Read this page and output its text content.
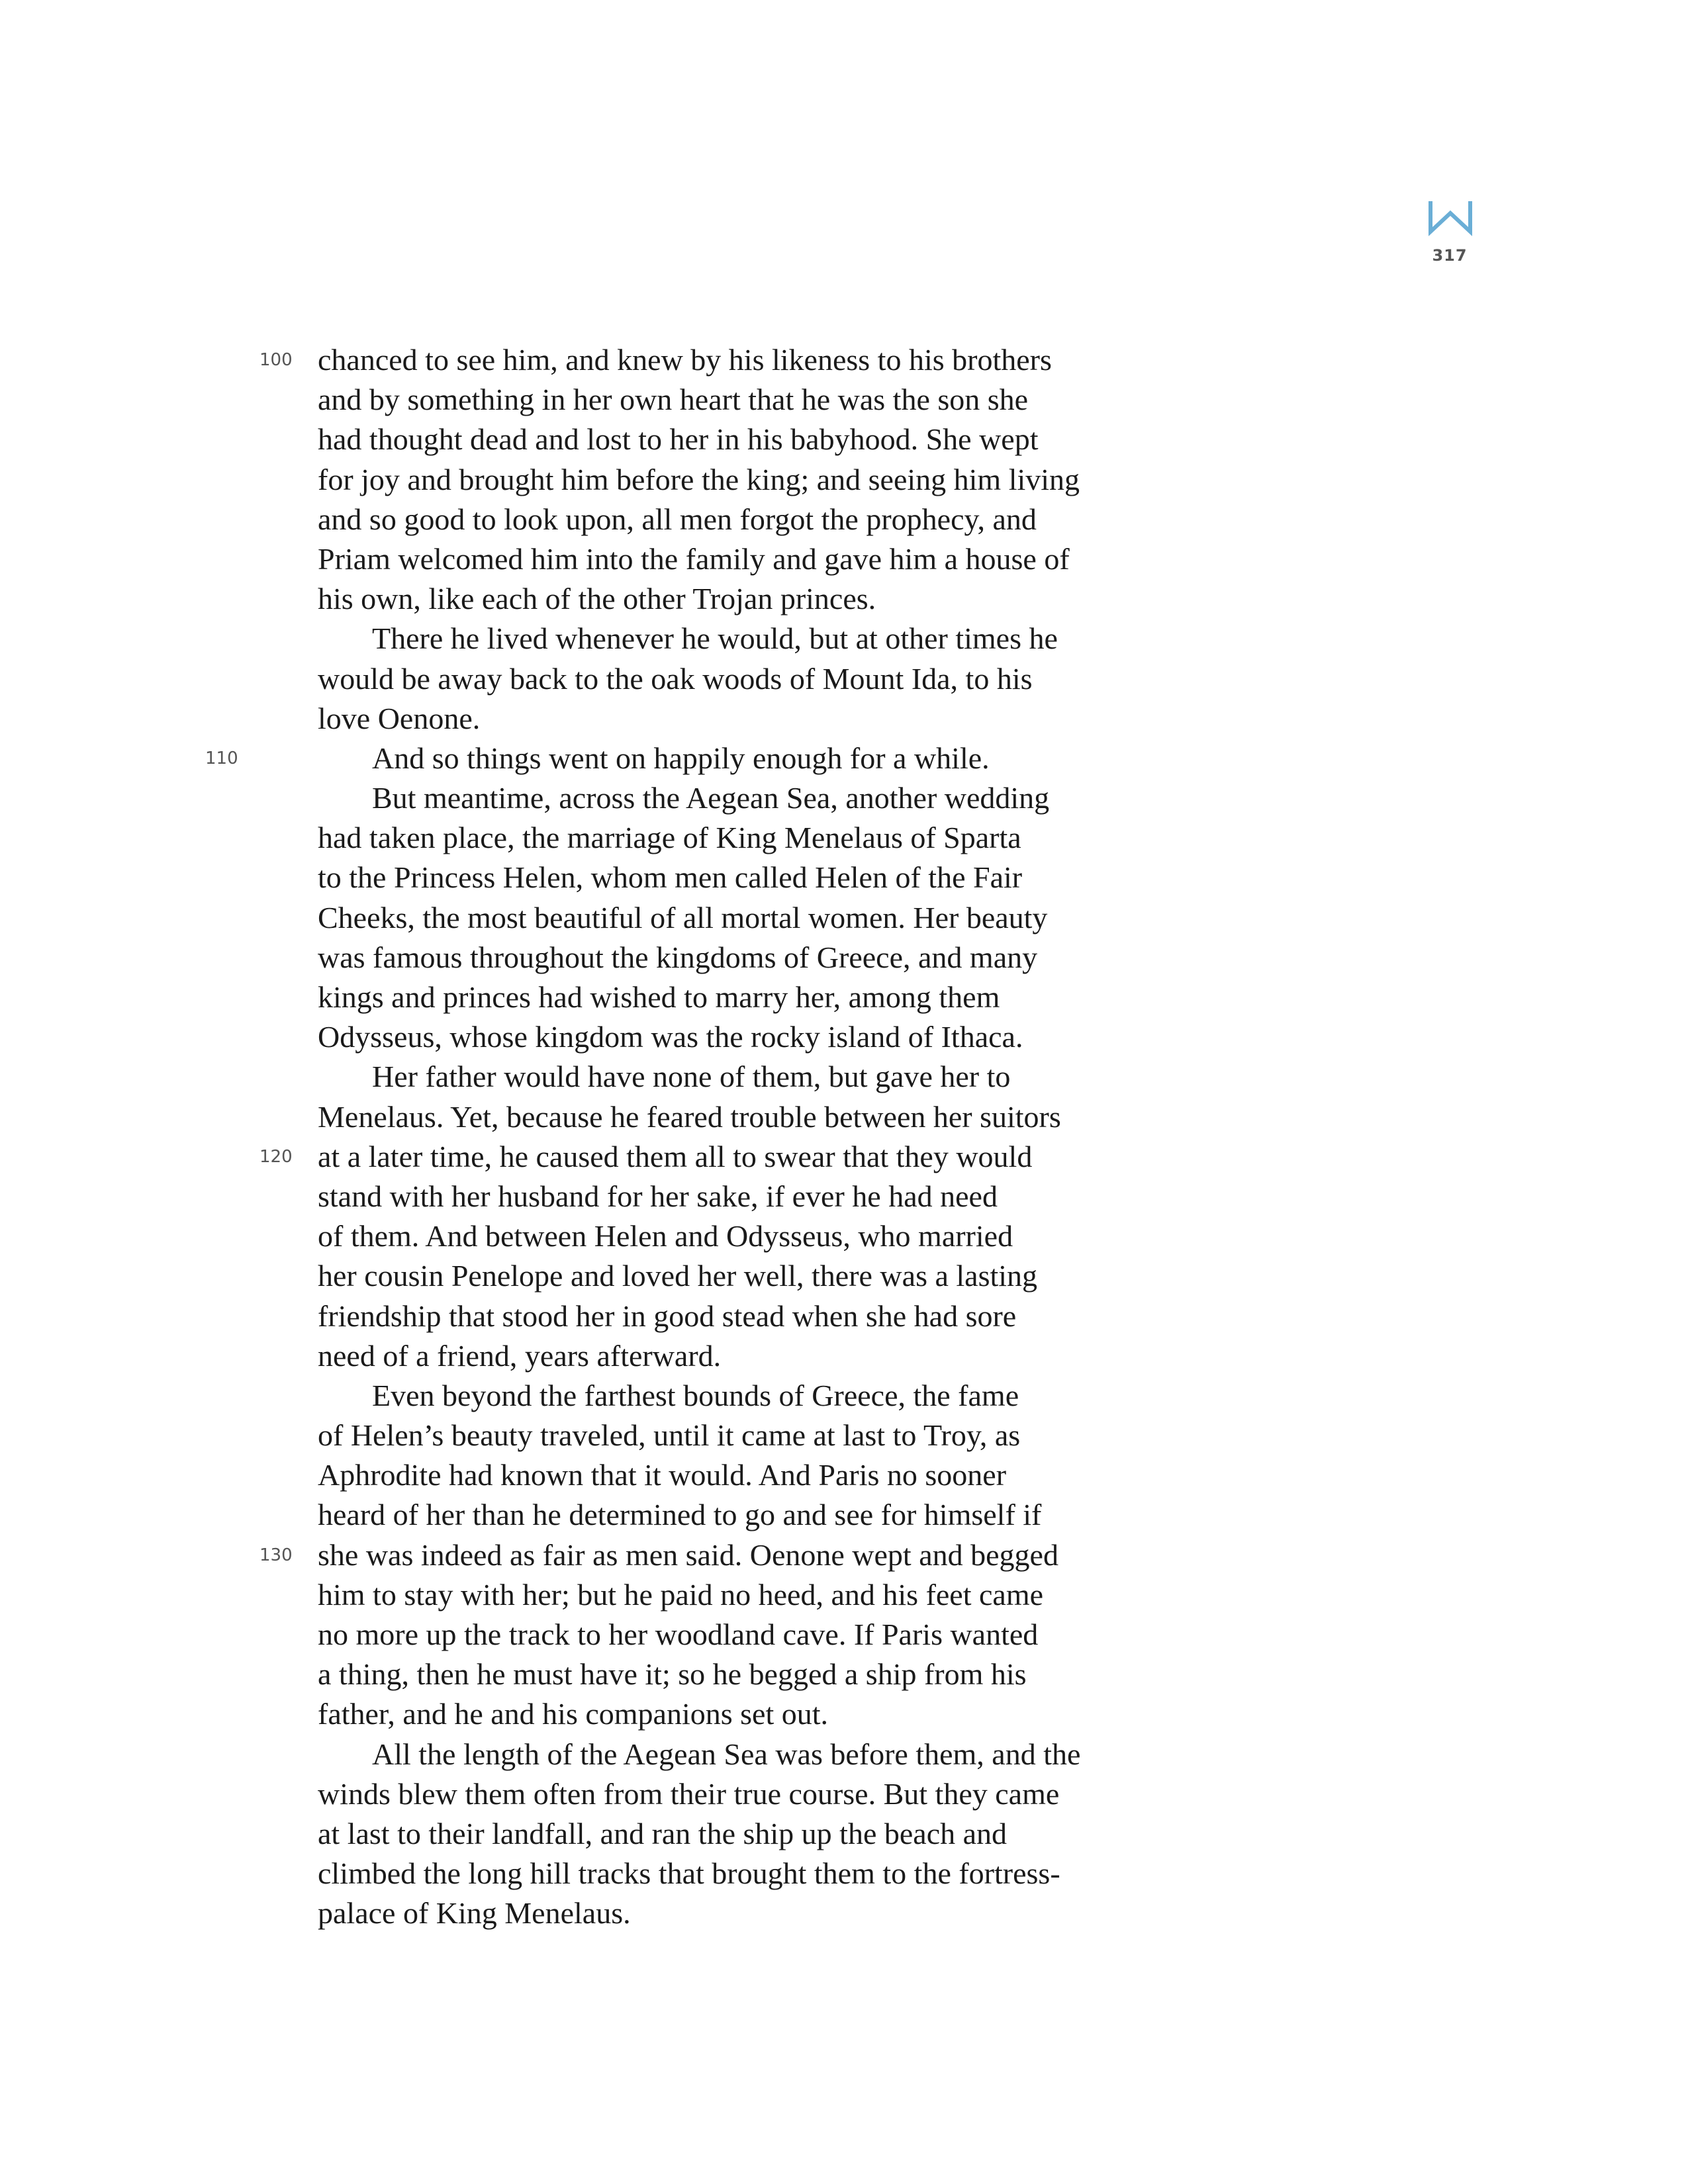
317
100 chanced to see him, and knew by his likeness to his brothers
and by something in her own heart that he was the son she
had thought dead and lost to her in his babyhood. She wept
for joy and brought him before the king; and seeing him living
and so good to look upon, all men forgot the prophecy, and
Priam welcomed him into the family and gave him a house of
his own, like each of the other Trojan princes.
There he lived whenever he would, but at other times he
would be away back to the oak woods of Mount Ida, to his
love Oenone.
110	And so things went on happily enough for a while.
But meantime, across the Aegean Sea, another wedding
had taken place, the marriage of King Menelaus of Sparta
to the Princess Helen, whom men called Helen of the Fair
Cheeks, the most beautiful of all mortal women. Her beauty
was famous throughout the kingdoms of Greece, and many
kings and princes had wished to marry her, among them
Odysseus, whose kingdom was the rocky island of Ithaca.
Her father would have none of them, but gave her to
Menelaus. Yet, because he feared trouble between her suitors
120 at a later time, he caused them all to swear that they would
stand with her husband for her sake, if ever he had need
of them. And between Helen and Odysseus, who married
her cousin Penelope and loved her well, there was a lasting
friendship that stood her in good stead when she had sore
need of a friend, years afterward.
Even beyond the farthest bounds of Greece, the fame
of Helen’s beauty traveled, until it came at last to Troy, as
Aphrodite had known that it would. And Paris no sooner
heard of her than he determined to go and see for himself if
130 she was indeed as fair as men said. Oenone wept and begged
him to stay with her; but he paid no heed, and his feet came
no more up the track to her woodland cave. If Paris wanted
a thing, then he must have it; so he begged a ship from his
father, and he and his companions set out.
All the length of the Aegean Sea was before them, and the
winds blew them often from their true course. But they came
at last to their landfall, and ran the ship up the beach and
climbed the long hill tracks that brought them to the fortress-
palace of King Menelaus.
